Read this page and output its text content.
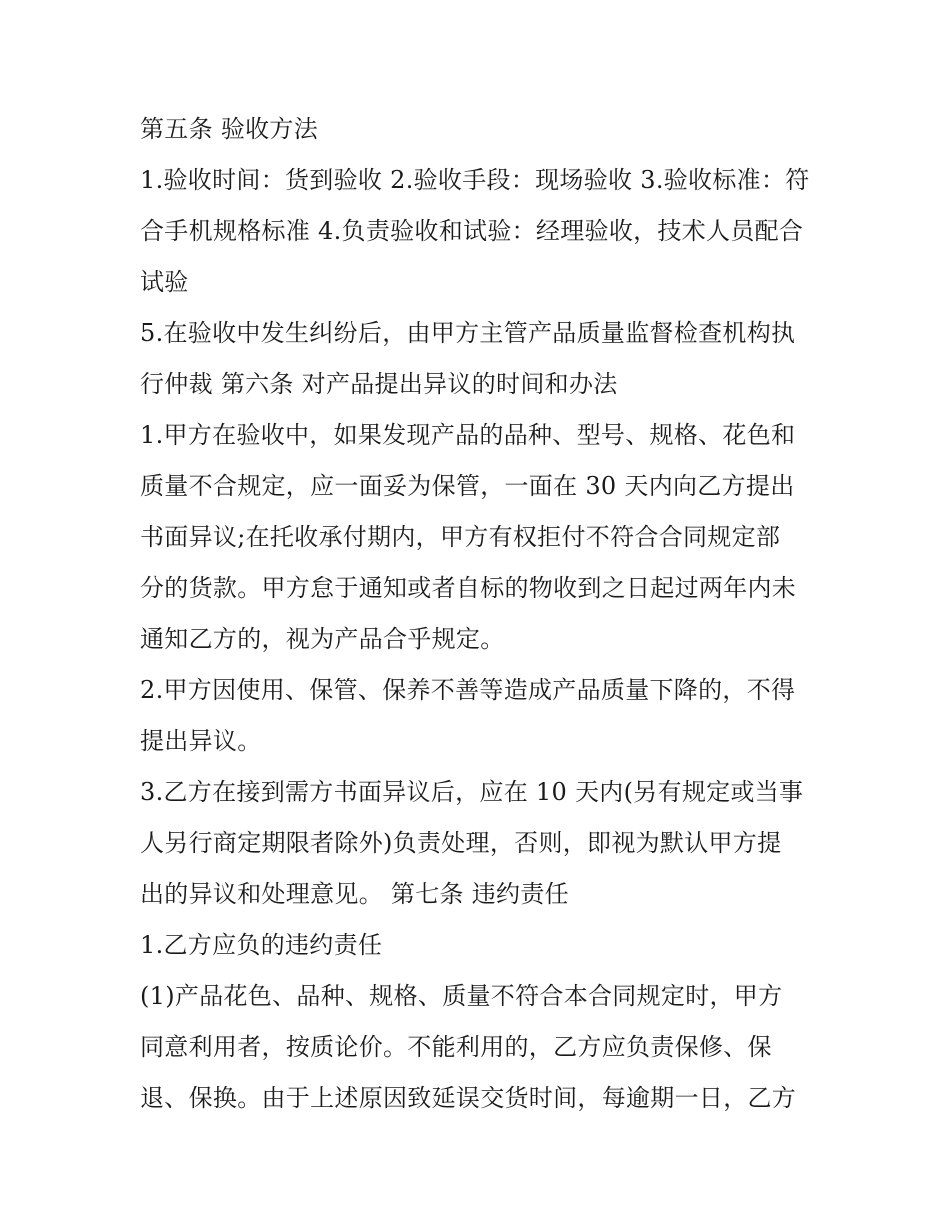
第五条 验收方法
1.验收时间：货到验收 2.验收手段：现场验收 3.验收标准：符
合手机规格标准 4.负责验收和试验：经理验收，技术人员配合
试验
5.在验收中发生纠纷后，由甲方主管产品质量监督检查机构执
行仲裁 第六条 对产品提出异议的时间和办法
1.甲方在验收中，如果发现产品的品种、型号、规格、花色和
质量不合规定，应一面妥为保管，一面在 30 天内向乙方提出
书面异议;在托收承付期内，甲方有权拒付不符合合同规定部
分的货款。甲方怠于通知或者自标的物收到之日起过两年内未
通知乙方的，视为产品合乎规定。
2.甲方因使用、保管、保养不善等造成产品质量下降的，不得
提出异议。
3.乙方在接到需方书面异议后，应在 10 天内(另有规定或当事
人另行商定期限者除外)负责处理，否则，即视为默认甲方提
出的异议和处理意见。 第七条 违约责任
1.乙方应负的违约责任
(1)产品花色、品种、规格、质量不符合本合同规定时，甲方
同意利用者，按质论价。不能利用的，乙方应负责保修、保
退、保换。由于上述原因致延误交货时间，每逾期一日，乙方
